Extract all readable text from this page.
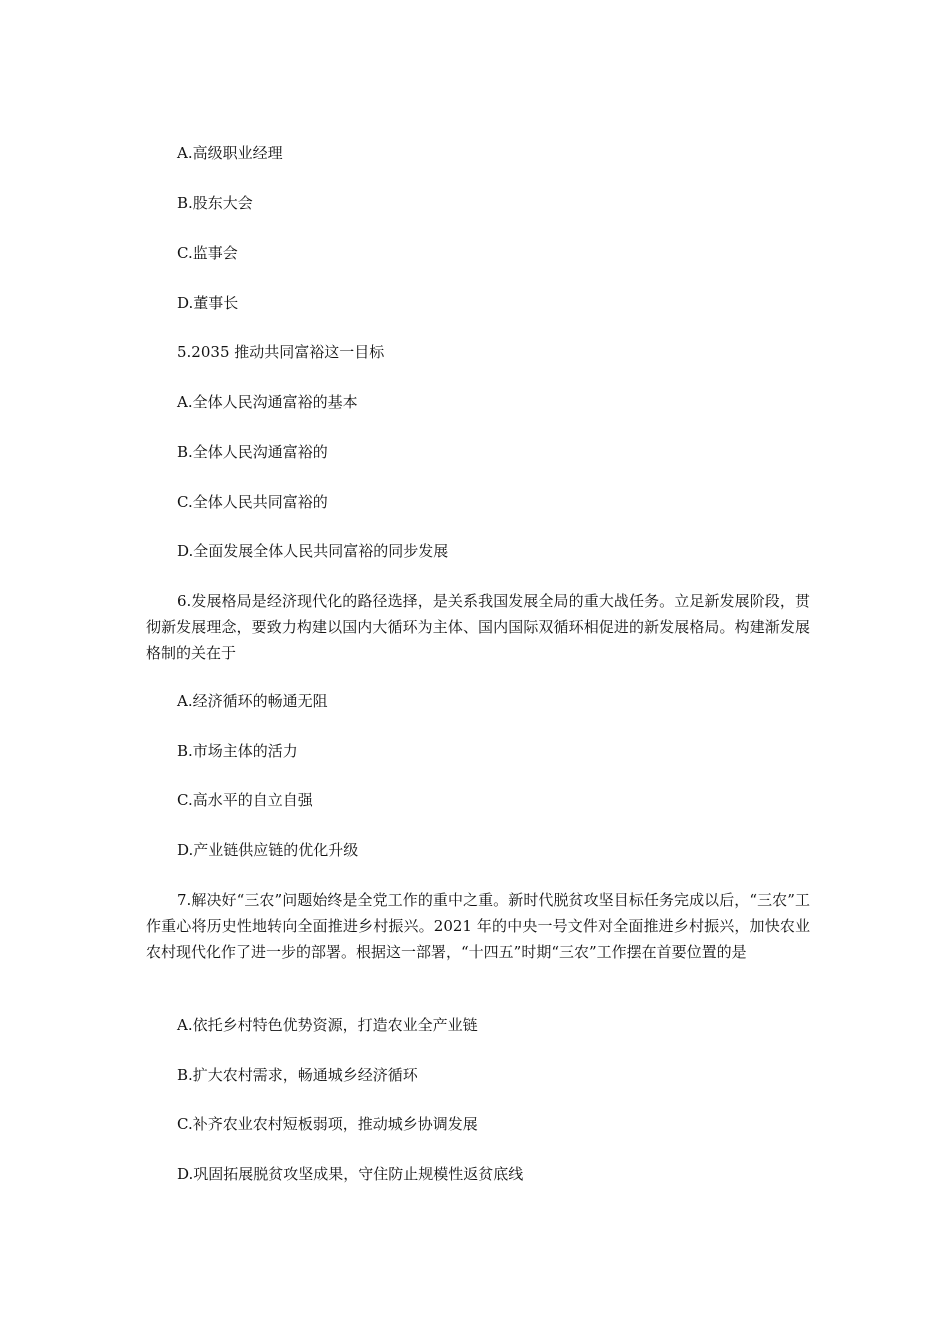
A.高级职业经理

B.股东大会

C.监事会

D.董事长

5.2035 推动共同富裕这一目标

A.全体人民沟通富裕的基本

B.全体人民沟通富裕的

C.全体人民共同富裕的

D.全面发展全体人民共同富裕的同步发展

6.发展格局是经济现代化的路径选择，是关系我国发展全局的重大战任务。立足新发展阶段，贯彻新发展理念，要致力构建以国内大循环为主体、国内国际双循环相促进的新发展格局。构建渐发展格制的关在于

A.经济循环的畅通无阻

B.市场主体的活力

C.高水平的自立自强

D.产业链供应链的优化升级

7.解决好“三农”问题始终是全党工作的重中之重。新时代脱贫攻坚目标任务完成以后，“三农”工作重心将历史性地转向全面推进乡村振兴。2021 年的中央一号文件对全面推进乡村振兴，加快农业农村现代化作了进一步的部署。根据这一部署，“十四五”时期“三农”工作摆在首要位置的是

A.依托乡村特色优势资源，打造农业全产业链

B.扩大农村需求，畅通城乡经济循环

C.补齐农业农村短板弱项，推动城乡协调发展

D.巩固拓展脱贫攻坚成果，守住防止规模性返贫底线
